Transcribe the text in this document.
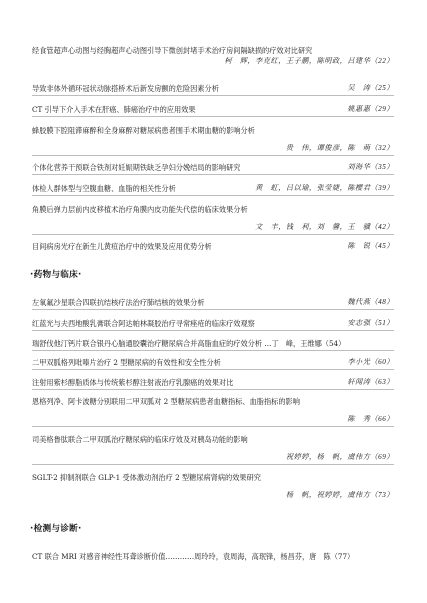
经食管超声心动图与经胸超声心动图引导下微创封堵手术治疗房间隔缺损的疗效对比研究
柯　辉，李克红，王子鹏，陈明政，吕建华（22）
导致非体外循环冠状动脉搭桥术后新发房颤的危险因素分析	吴　涛（25）
CT 引导下介入手术在肝癌、肺癌治疗中的应用效果	姚惠惠（29）
蜂胶膜下腔阻滞麻醉和全身麻醉对糖尿病患者围手术期血糖的影响分析
贵　伟，谭俊彦，陈　萌（32）
个体化营养干预联合铁剂对妊娠期铁缺乏孕妇分娩结局的影响研究	刘海华（35）
体检人群体型与空腹血糖、血脂的相关性分析	黄　虹，吕以瑜，张莹婕，陈樱君（39）
角膜后弹力层前内皮移植术治疗角膜内皮功能失代偿的临床效果分析
文　丰，钱　利，刘　馨，王　骥（42）
目间病房光疗在新生儿黄疸治疗中的效果及应用优势分析	陈　锐（45）
·药物与临床·
左氧氟沙星联合四联抗结核疗法治疗肺结核的效果分析	魏代燕（48）
红蓝光与夫西地酸乳膏联合阿达帕林凝胶治疗寻常痤疮的临床疗效观察	安志强（51）
瑞舒伐他汀钙片联合银丹心脑通胶囊治疗糖尿病合并高脂血症的疗效分析 …丁　峰，王维娜（54）
二甲双胍格列吡嗪片治疗 2 型糖尿病的有效性和安全性分析	李小光（60）
注射用紫杉醇脂质体与传统紫杉醇注射液治疗乳腺癌的效果对比	轩闻涛（63）
恩格列净、阿卡波糖分别联用二甲双胍对 2 型糖尿病患者血糖指标、血脂指标的影响
陈　秀（66）
司美格鲁肽联合二甲双胍治疗糖尿病的临床疗效及对胰岛功能的影响
祝婷婷，杨　帆，虞伟方（69）
SGLT-2 抑制剂联合 GLP-1 受体激动剂治疗 2 型糖尿病肾病的效果研究
杨　帆，祝婷婷，虞伟方（73）
·检测与诊断·
CT 联合 MRI 对感音神经性耳聋诊断价值…………周玲玲，袁周海，高珉锋，杨昌芬，唐　陈（77）
